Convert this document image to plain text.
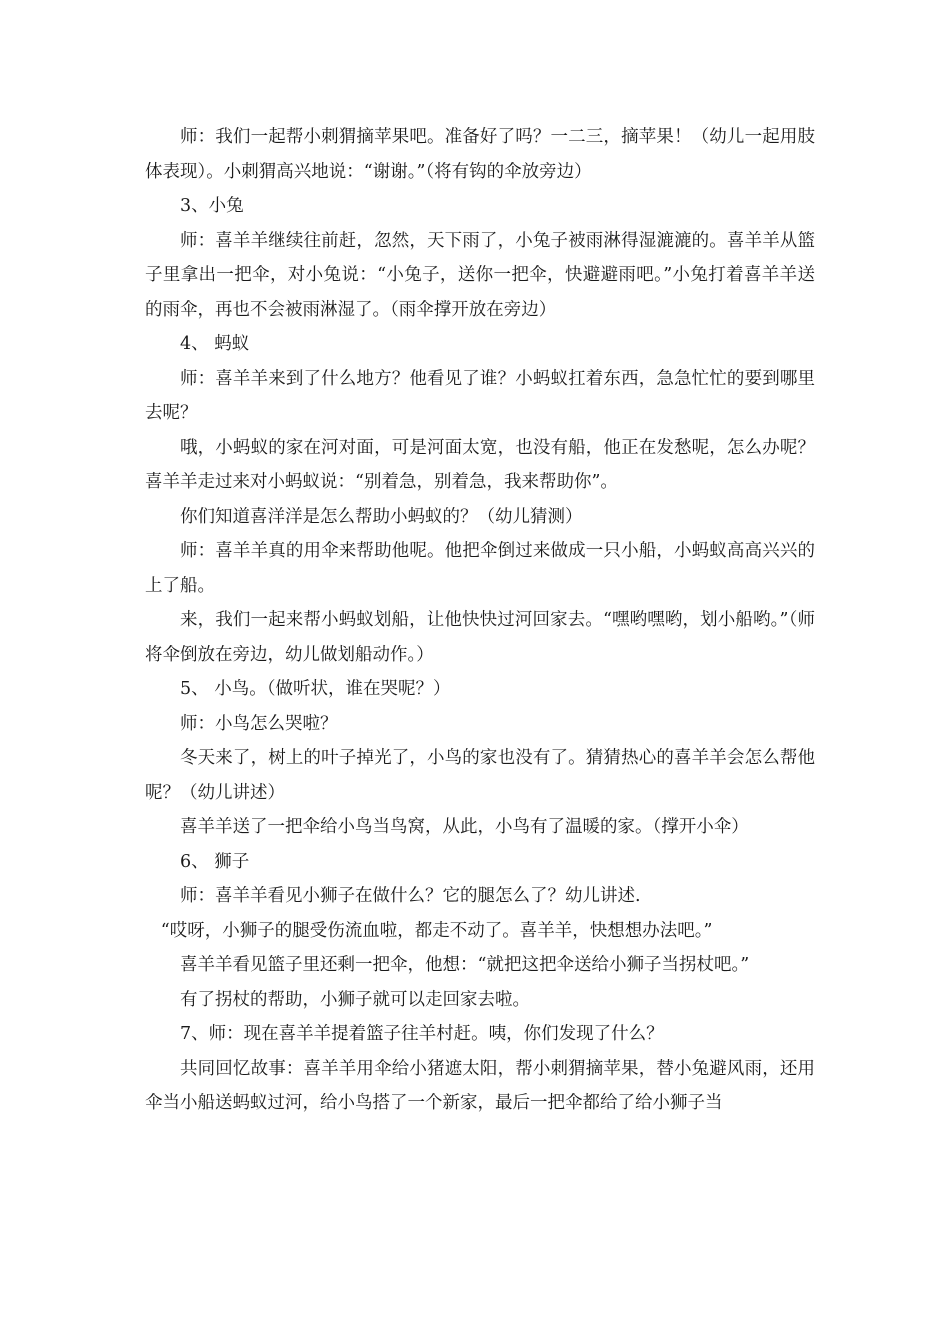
师：我们一起帮小刺猬摘苹果吧。准备好了吗？一二三，摘苹果！（幼儿一起用肢体表现）。小刺猬高兴地说：“谢谢。”（将有钩的伞放旁边）

3、小兔

师：喜羊羊继续往前赶，忽然，天下雨了，小兔子被雨淋得湿漉漉的。喜羊羊从篮子里拿出一把伞，对小兔说：“小兔子，送你一把伞，快避避雨吧。”小兔打着喜羊羊送的雨伞，再也不会被雨淋湿了。（雨伞撑开放在旁边）

4、 蚂蚁

师：喜羊羊来到了什么地方？他看见了谁？小蚂蚁扛着东西，急急忙忙的要到哪里去呢？

哦，小蚂蚁的家在河对面，可是河面太宽，也没有船，他正在发愁呢，怎么办呢？喜羊羊走过来对小蚂蚁说：“别着急，别着急，我来帮助你”。

你们知道喜洋洋是怎么帮助小蚂蚁的？（幼儿猜测）

师：喜羊羊真的用伞来帮助他呢。他把伞倒过来做成一只小船，小蚂蚁高高兴兴的上了船。

来，我们一起来帮小蚂蚁划船，让他快快过河回家去。“嘿哟嘿哟，划小船哟。”（师将伞倒放在旁边，幼儿做划船动作。）

5、 小鸟。（做听状，谁在哭呢？）

师：小鸟怎么哭啦？

冬天来了，树上的叶子掉光了，小鸟的家也没有了。猜猜热心的喜羊羊会怎么帮他呢？（幼儿讲述）

喜羊羊送了一把伞给小鸟当鸟窝，从此，小鸟有了温暖的家。（撑开小伞）

6、 狮子

师：喜羊羊看见小狮子在做什么？它的腿怎么了？幼儿讲述.

“哎呀，小狮子的腿受伤流血啦，都走不动了。喜羊羊，快想想办法吧。”

喜羊羊看见篮子里还剩一把伞，他想：“就把这把伞送给小狮子当拐杖吧。”

有了拐杖的帮助，小狮子就可以走回家去啦。

7、师：现在喜羊羊提着篮子往羊村赶。咦，你们发现了什么？

共同回忆故事：喜羊羊用伞给小猪遮太阳，帮小刺猬摘苹果，替小兔避风雨，还用伞当小船送蚂蚁过河，给小鸟搭了一个新家，最后一把伞都给了给小狮子当
